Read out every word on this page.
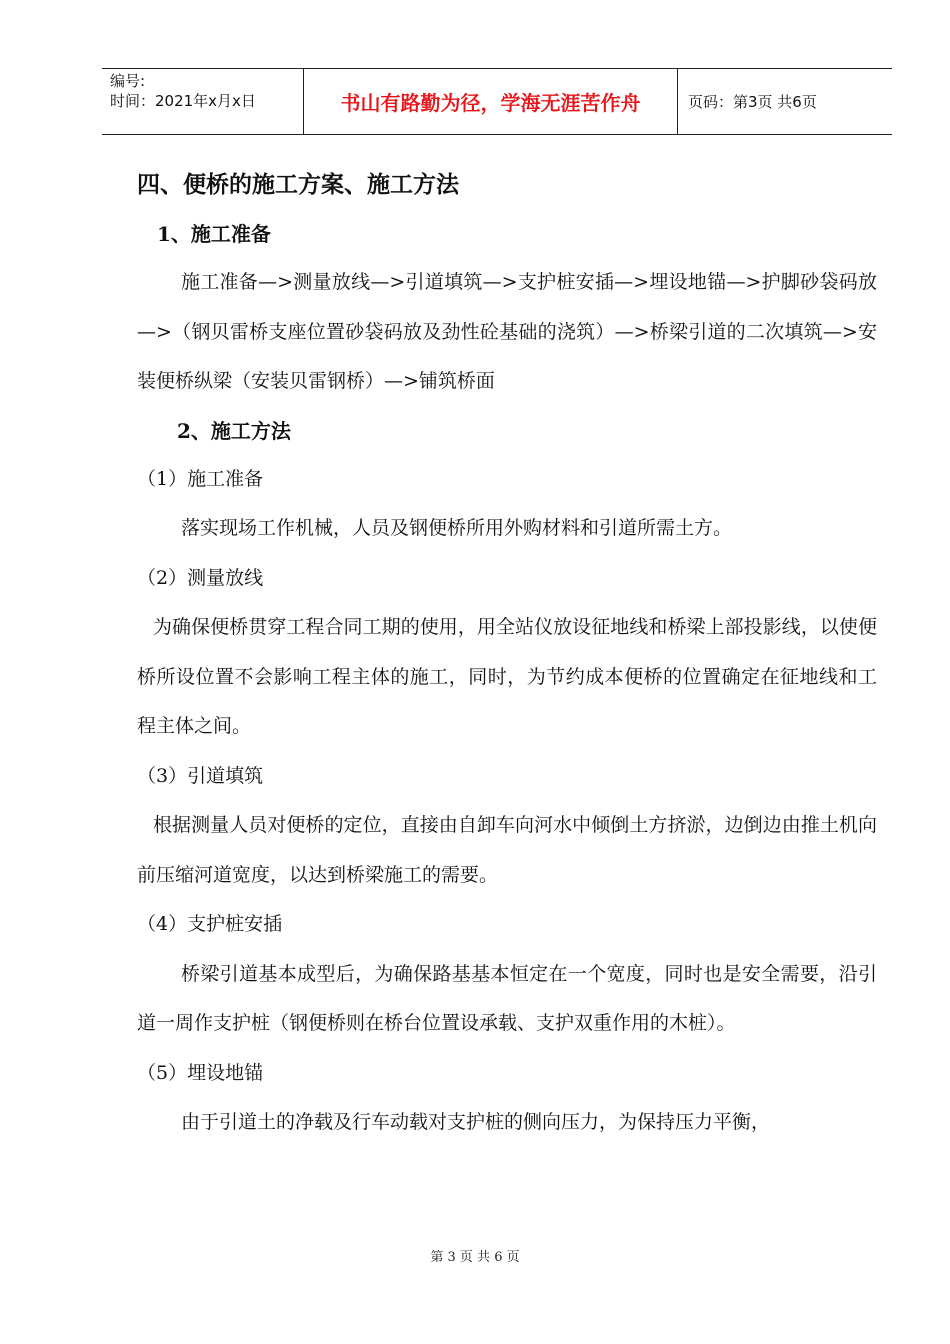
编号:
时间：2021年x月x日	书山有路勤为径，学海无涯苦作舟	页码：第3页 共6页

四、便桥的施工方案、施工方法

1、施工准备

施工准备—>测量放线—>引道填筑—>支护桩安插—>埋设地锚—>护脚砂袋码放—>（钢贝雷桥支座位置砂袋码放及劲性砼基础的浇筑）—>桥梁引道的二次填筑—>安装便桥纵梁（安装贝雷钢桥）—>铺筑桥面

2、施工方法

（1）施工准备

落实现场工作机械，人员及钢便桥所用外购材料和引道所需土方。

（2）测量放线

为确保便桥贯穿工程合同工期的使用，用全站仪放设征地线和桥梁上部投影线，以使便桥所设位置不会影响工程主体的施工，同时，为节约成本便桥的位置确定在征地线和工程主体之间。

（3）引道填筑

根据测量人员对便桥的定位，直接由自卸车向河水中倾倒土方挤淤，边倒边由推土机向前压缩河道宽度，以达到桥梁施工的需要。

（4）支护桩安插

桥梁引道基本成型后，为确保路基基本恒定在一个宽度，同时也是安全需要，沿引道一周作支护桩（钢便桥则在桥台位置设承载、支护双重作用的木桩）。

（5）埋设地锚

由于引道土的净载及行车动载对支护桩的侧向压力，为保持压力平衡，

第 3 页 共 6 页
